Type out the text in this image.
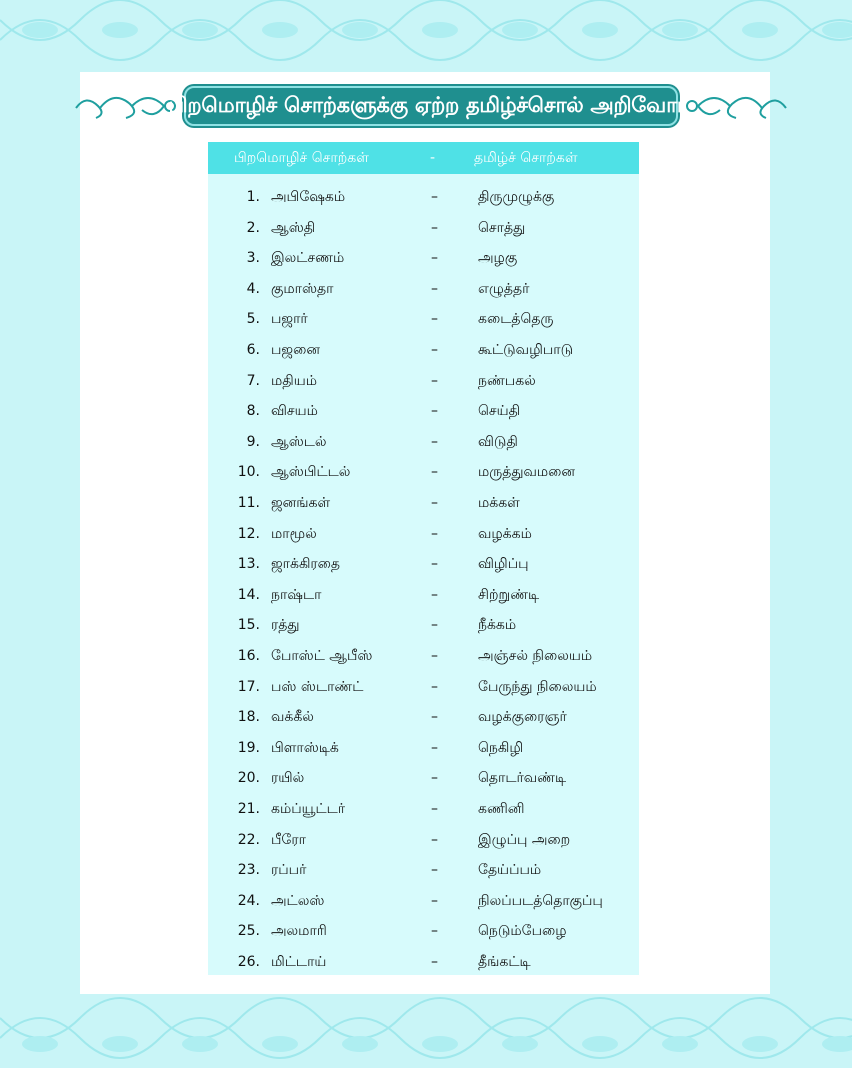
பிறமொழிச் சொற்களுக்கு ஏற்ற தமிழ்ச்சொல் அறிவோம்
பிறமொழிச் சொற்கள்	-	தமிழ்ச் சொற்கள்
1. அபிஷேகம்	–	திருமுழுக்கு
2. ஆஸ்தி	–	சொத்து
3. இலட்சணம்	–	அழகு
4. குமாஸ்தா	–	எழுத்தர்
5. பஜார்	–	கடைத்தெரு
6. பஜனை	–	கூட்டுவழிபாடு
7. மதியம்	–	நண்பகல்
8. விசயம்	–	செய்தி
9. ஆஸ்டல்	–	விடுதி
10. ஆஸ்பிட்டல்	–	மருத்துவமனை
11. ஜனங்கள்	–	மக்கள்
12. மாமூல்	–	வழக்கம்
13. ஜாக்கிரதை	–	விழிப்பு
14. நாஷ்டா	–	சிற்றுண்டி
15. ரத்து	–	நீக்கம்
16. போஸ்ட் ஆபீஸ்	–	அஞ்சல் நிலையம்
17. பஸ் ஸ்டாண்ட்	–	பேருந்து நிலையம்
18. வக்கீல்	–	வழக்குரைஞர்
19. பிளாஸ்டிக்	–	நெகிழி
20. ரயில்	–	தொடர்வண்டி
21. கம்ப்யூட்டர்	–	கணினி
22. பீரோ	–	இழுப்பு அறை
23. ரப்பர்	–	தேய்ப்பம்
24. அட்லஸ்	–	நிலப்படத்தொகுப்பு
25. அலமாரி	–	நெடும்பேழை
26. மிட்டாய்	–	தீங்கட்டி
